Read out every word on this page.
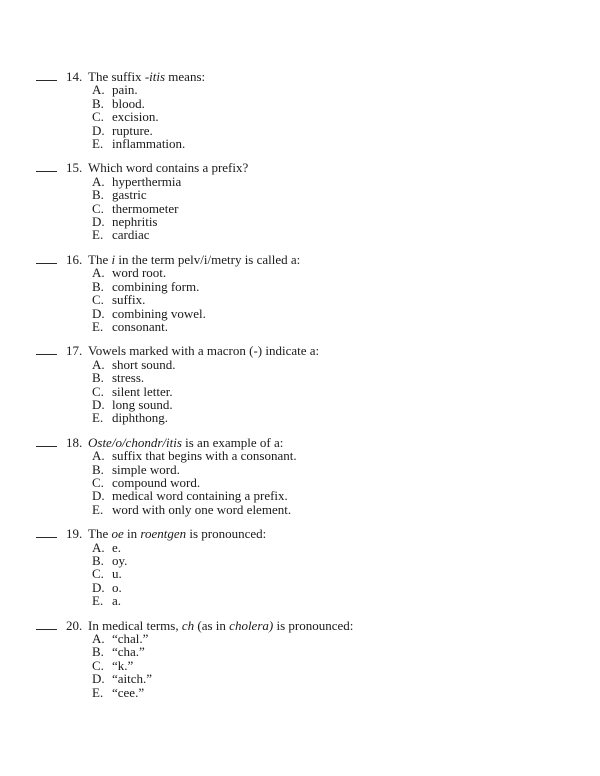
14. The suffix -itis means:
A. pain.
B. blood.
C. excision.
D. rupture.
E. inflammation.
15. Which word contains a prefix?
A. hyperthermia
B. gastric
C. thermometer
D. nephritis
E. cardiac
16. The i in the term pelv/i/metry is called a:
A. word root.
B. combining form.
C. suffix.
D. combining vowel.
E. consonant.
17. Vowels marked with a macron (-) indicate a:
A. short sound.
B. stress.
C. silent letter.
D. long sound.
E. diphthong.
18. Oste/o/chondr/itis is an example of a:
A. suffix that begins with a consonant.
B. simple word.
C. compound word.
D. medical word containing a prefix.
E. word with only one word element.
19. The oe in roentgen is pronounced:
A. e.
B. oy.
C. u.
D. o.
E. a.
20. In medical terms, ch (as in cholera) is pronounced:
A. “chal.”
B. “cha.”
C. “k.”
D. “aitch.”
E. “cee.”
